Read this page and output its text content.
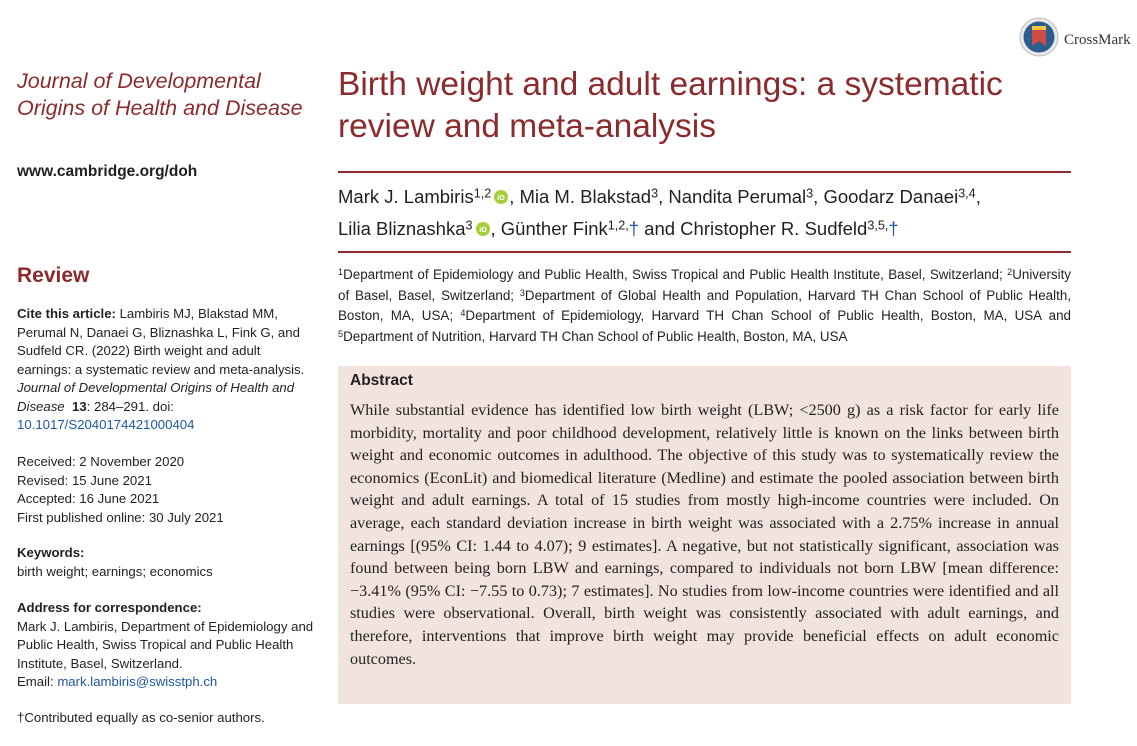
CrossMark
Journal of Developmental
Origins of Health and Disease
www.cambridge.org/doh
Review
Cite this article: Lambiris MJ, Blakstad MM, Perumal N, Danaei G, Bliznashka L, Fink G, and Sudfeld CR. (2022) Birth weight and adult earnings: a systematic review and meta-analysis. Journal of Developmental Origins of Health and Disease 13: 284–291. doi: 10.1017/S2040174421000404
Received: 2 November 2020
Revised: 15 June 2021
Accepted: 16 June 2021
First published online: 30 July 2021
Keywords:
birth weight; earnings; economics
Address for correspondence:
Mark J. Lambiris, Department of Epidemiology and Public Health, Swiss Tropical and Public Health Institute, Basel, Switzerland.
Email: mark.lambiris@swisstph.ch
†Contributed equally as co-senior authors.
Birth weight and adult earnings: a systematic review and meta-analysis
Mark J. Lambiris$^{1,2}$ iD , Mia M. Blakstad$^3$, Nandita Perumal$^3$, Goodarz Danaei$^{3,4}$,
Lilia Bliznashka$^3$ iD , Günther Fink$^{1,2,}$† and Christopher R. Sudfeld$^{3,5,}$†
$^1$Department of Epidemiology and Public Health, Swiss Tropical and Public Health Institute, Basel, Switzerland; $^2$University of Basel, Basel, Switzerland; $^3$Department of Global Health and Population, Harvard TH Chan School of Public Health, Boston, MA, USA; $^4$Department of Epidemiology, Harvard TH Chan School of Public Health, Boston, MA, USA and $^5$Department of Nutrition, Harvard TH Chan School of Public Health, Boston, MA, USA
Abstract
While substantial evidence has identified low birth weight (LBW; <2500 g) as a risk factor for early life morbidity, mortality and poor childhood development, relatively little is known on the links between birth weight and economic outcomes in adulthood. The objective of this study was to systematically review the economics (EconLit) and biomedical literature (Medline) and estimate the pooled association between birth weight and adult earnings. A total of 15 studies from mostly high-income countries were included. On average, each standard deviation increase in birth weight was associated with a 2.75% increase in annual earnings [(95% CI: 1.44 to 4.07); 9 estimates]. A negative, but not statistically significant, association was found between being born LBW and earnings, compared to individuals not born LBW [mean difference: −3.41% (95% CI: −7.55 to 0.73); 7 estimates]. No studies from low-income countries were identified and all studies were observational. Overall, birth weight was consistently associated with adult earnings, and therefore, interventions that improve birth weight may provide beneficial effects on adult economic outcomes.
